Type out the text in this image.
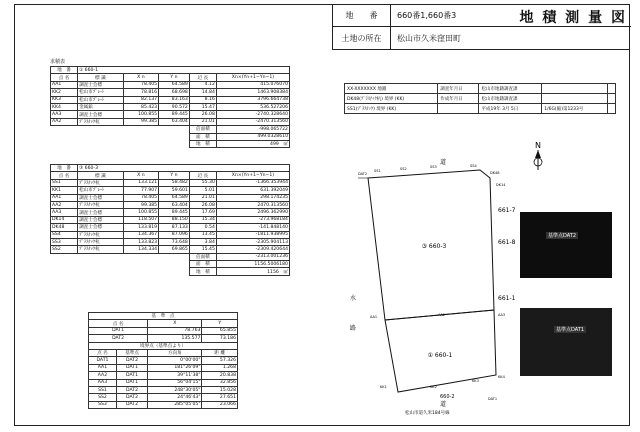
地　　番	660番1,660番3	地 積 測 量 図
土地の所在	松山市久米窪田町
XX-XXXXXXX 地籍	調査年月日	松山市地籍調査課		
DK48(ﾌﾟﾗｽﾁｯｸ杭) 境界 (KK)	作成年月日	松山市地籍調査課		
SS1(ﾌﾟﾗｽﾁｯｸ) 境界 (KK)		平成19年 3月 5日	1/6G(縮)第1233号	
求積表
地　番	① 660-1				
点 名	標 識	X n	Y n	辺 長	Xn×(Yn+1−Yn−1)
AA1	調査士会標	78.405	64.589	4.12	415.076070
KK2	松山市ﾌﾟﾚｰﾄ	78.816	68.698	14.84	1463.908384
KK3	松山市ﾌﾟﾚｰﾄ	82.137	83.163	8.16	3796.664738
KK4	金属鋲	85.423	90.572	15.47	536.527206
AA3	調査士会標	100.855	89.445	26.08	-2740.328640
AA2	ﾌﾟﾗｽﾁｯｸ杭	99.385	63.404	21.01	-2470.313560
				倍面積	-998.065722
				面　積	499.0328610
				地　積	499　㎡
地　番	③ 660-3				
点 名	標 識	X n	Y n	辺 長	Xn×(Yn+1−Yn−1)
SS1	ﾌﾟﾗｽﾁｯｸ杭	133.121	58.482	55.30	-1366.353944
KK1	松山市ﾌﾟﾚｰﾄ	77.907	59.601	5.01	631.392049
AA1	調査士会標	78.405	64.589	21.01	298.174235
AA2	ﾌﾟﾗｽﾁｯｸ杭	99.385	63.404	26.08	2470.313560
AA3	調査士会標	100.855	89.445	17.69	2496.362990
DK14	調査士会標	118.507	88.150	15.34	-273.968184
DK48	調査士会標	133.819	87.133	0.54	-141.848140
SS4	ﾌﾟﾗｽﾁｯｸ杭	134.367	87.096	13.45	-1811.938995
SS3	ﾌﾟﾗｽﾁｯｸ杭	133.823	73.648	3.84	-2305.904113
SS2	ﾌﾟﾗｽﾁｯｸ杭	134.334	69.865	15.45	-2309.420644
				倍面積	-2313.001236
				面　積	1156.5006180
				地　積	1156　㎡
基　準　点			
点 名		X	Y
DAT1		78.763	65.855
DAT2		135.577	73.186
境界点（基準点より）			
点 名	基準点	方向角	距 離
DAT1	DAT2	0°00'00"	57.326
AA1	DAT1	181°26'09"	1.268
AA2	DAT1	39°11'38"	20.838
AA3	DAT1	56°04'15"	32.856
SS1	DAT2	248°30'05"	15.028
SS2	DAT2	24°46'43"	27.651
SS3	DAT2	285°05'05"	23.066
N
③ 660-3
① 660-1
道
道
水
路
661-7
661-8
661-1
660-2
松山市道久米184号線
DAT2
SS1	SS2	SS3	SS4
DK48
DK14
AA1	AA2	AA3
KK1	KK2
KK3
KK4
DAT1
基準点DAT2
基準点DAT1
